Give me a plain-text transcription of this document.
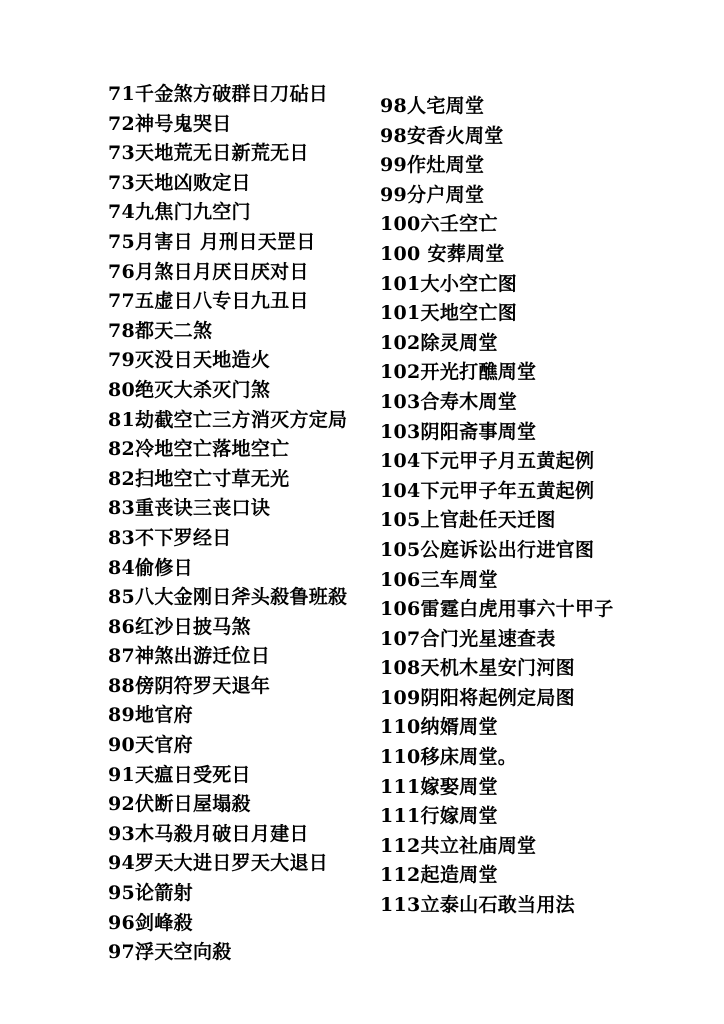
71千金煞方破群日刀砧日
72神号鬼哭日
73天地荒无日新荒无日
73天地凶败定日
74九焦门九空门
75月害日 月刑日天罡日
76月煞日月厌日厌对日
77五虚日八专日九丑日
78都天二煞
79灭没日天地造火
80绝灭大杀灭门煞
81劫截空亡三方消灭方定局
82冷地空亡落地空亡
82扫地空亡寸草无光
83重丧诀三丧口诀
83不下罗经日
84偷修日
85八大金刚日斧头殺鲁班殺
86红沙日披马煞
87神煞出游迁位日
88傍阴符罗天退年
89地官府
90天官府
91天瘟日受死日
92伏断日屋塌殺
93木马殺月破日月建日
94罗天大进日罗天大退日
95论箭射
96剑峰殺
97浮天空向殺
98人宅周堂
98安香火周堂
99作灶周堂
99分户周堂
100六壬空亡
100 安葬周堂
101大小空亡图
101天地空亡图
102除灵周堂
102开光打醮周堂
103合寿木周堂
103阴阳斋事周堂
104下元甲子月五黄起例
104下元甲子年五黄起例
105上官赴任天迁图
105公庭诉讼出行进官图
106三车周堂
106雷霆白虎用事六十甲子
107合门光星速查表
108天机木星安门河图
109阴阳将起例定局图
110纳婿周堂
110移床周堂。
111嫁娶周堂
111行嫁周堂
112共立社庙周堂
112起造周堂
113立泰山石敢当用法
